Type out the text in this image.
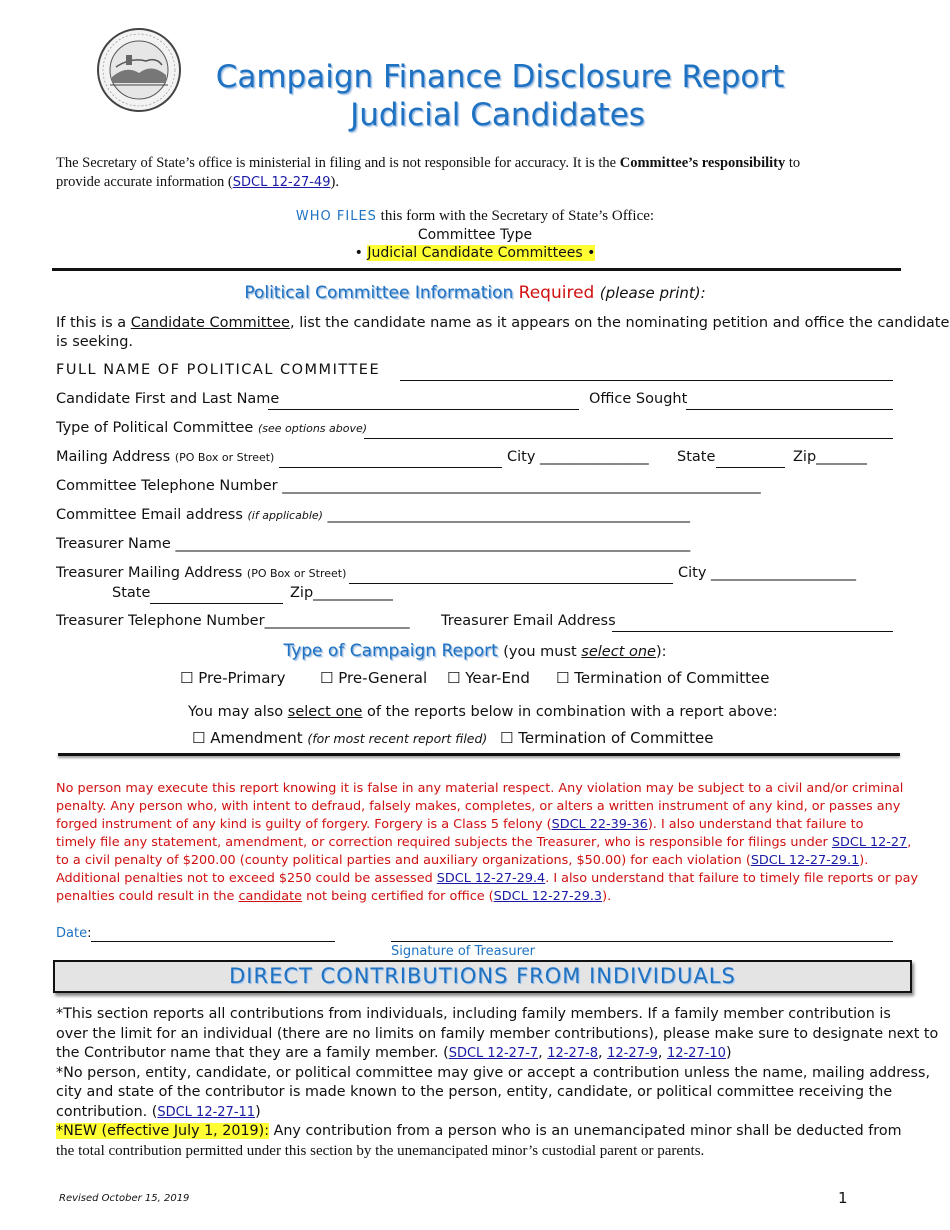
Campaign Finance Disclosure Report
Judicial Candidates
The Secretary of State’s office is ministerial in filing and is not responsible for accuracy. It is the Committee’s responsibility to
provide accurate information (SDCL 12-27-49).
WHO FILES this form with the Secretary of State’s Office:
Committee Type
• Judicial Candidate Committees •
Political Committee Information Required (please print):
If this is a Candidate Committee, list the candidate name as it appears on the nominating petition and office the candidate
is seeking.
FULL NAME OF POLITICAL COMMITTEE
Candidate First and Last Name	Office Sought
Type of Political Committee (see options above)
Mailing Address (PO Box or Street)	City _______________ State	Zip_______
Committee Telephone Number __________________________________________________________________
Committee Email address (if applicable) __________________________________________________
Treasurer Name _______________________________________________________________________
Treasurer Mailing Address (PO Box or Street)	City ____________________
State	Zip___________
Treasurer Telephone Number____________________ Treasurer Email Address
Type of Campaign Report (you must select one):
☐ Pre-Primary ☐ Pre-General ☐ Year-End ☐ Termination of Committee
You may also select one of the reports below in combination with a report above:
☐ Amendment (for most recent report filed) ☐ Termination of Committee
No person may execute this report knowing it is false in any material respect. Any violation may be subject to a civil and/or criminal
penalty. Any person who, with intent to defraud, falsely makes, completes, or alters a written instrument of any kind, or passes any
forged instrument of any kind is guilty of forgery. Forgery is a Class 5 felony (SDCL 22-39-36). I also understand that failure to
timely file any statement, amendment, or correction required subjects the Treasurer, who is responsible for filings under SDCL 12-27,
to a civil penalty of $200.00 (county political parties and auxiliary organizations, $50.00) for each violation (SDCL 12-27-29.1).
Additional penalties not to exceed $250 could be assessed SDCL 12-27-29.4. I also understand that failure to timely file reports or pay
penalties could result in the candidate not being certified for office (SDCL 12-27-29.3).
Date:
Signature of Treasurer
DIRECT CONTRIBUTIONS FROM INDIVIDUALS
*This section reports all contributions from individuals, including family members. If a family member contribution is
over the limit for an individual (there are no limits on family member contributions), please make sure to designate next to
the Contributor name that they are a family member. (SDCL 12-27-7, 12-27-8, 12-27-9, 12-27-10)
*No person, entity, candidate, or political committee may give or accept a contribution unless the name, mailing address,
city and state of the contributor is made known to the person, entity, candidate, or political committee receiving the
contribution. (SDCL 12-27-11)
*NEW (effective July 1, 2019): Any contribution from a person who is an unemancipated minor shall be deducted from
the total contribution permitted under this section by the unemancipated minor’s custodial parent or parents.
Revised October 15, 2019	1
